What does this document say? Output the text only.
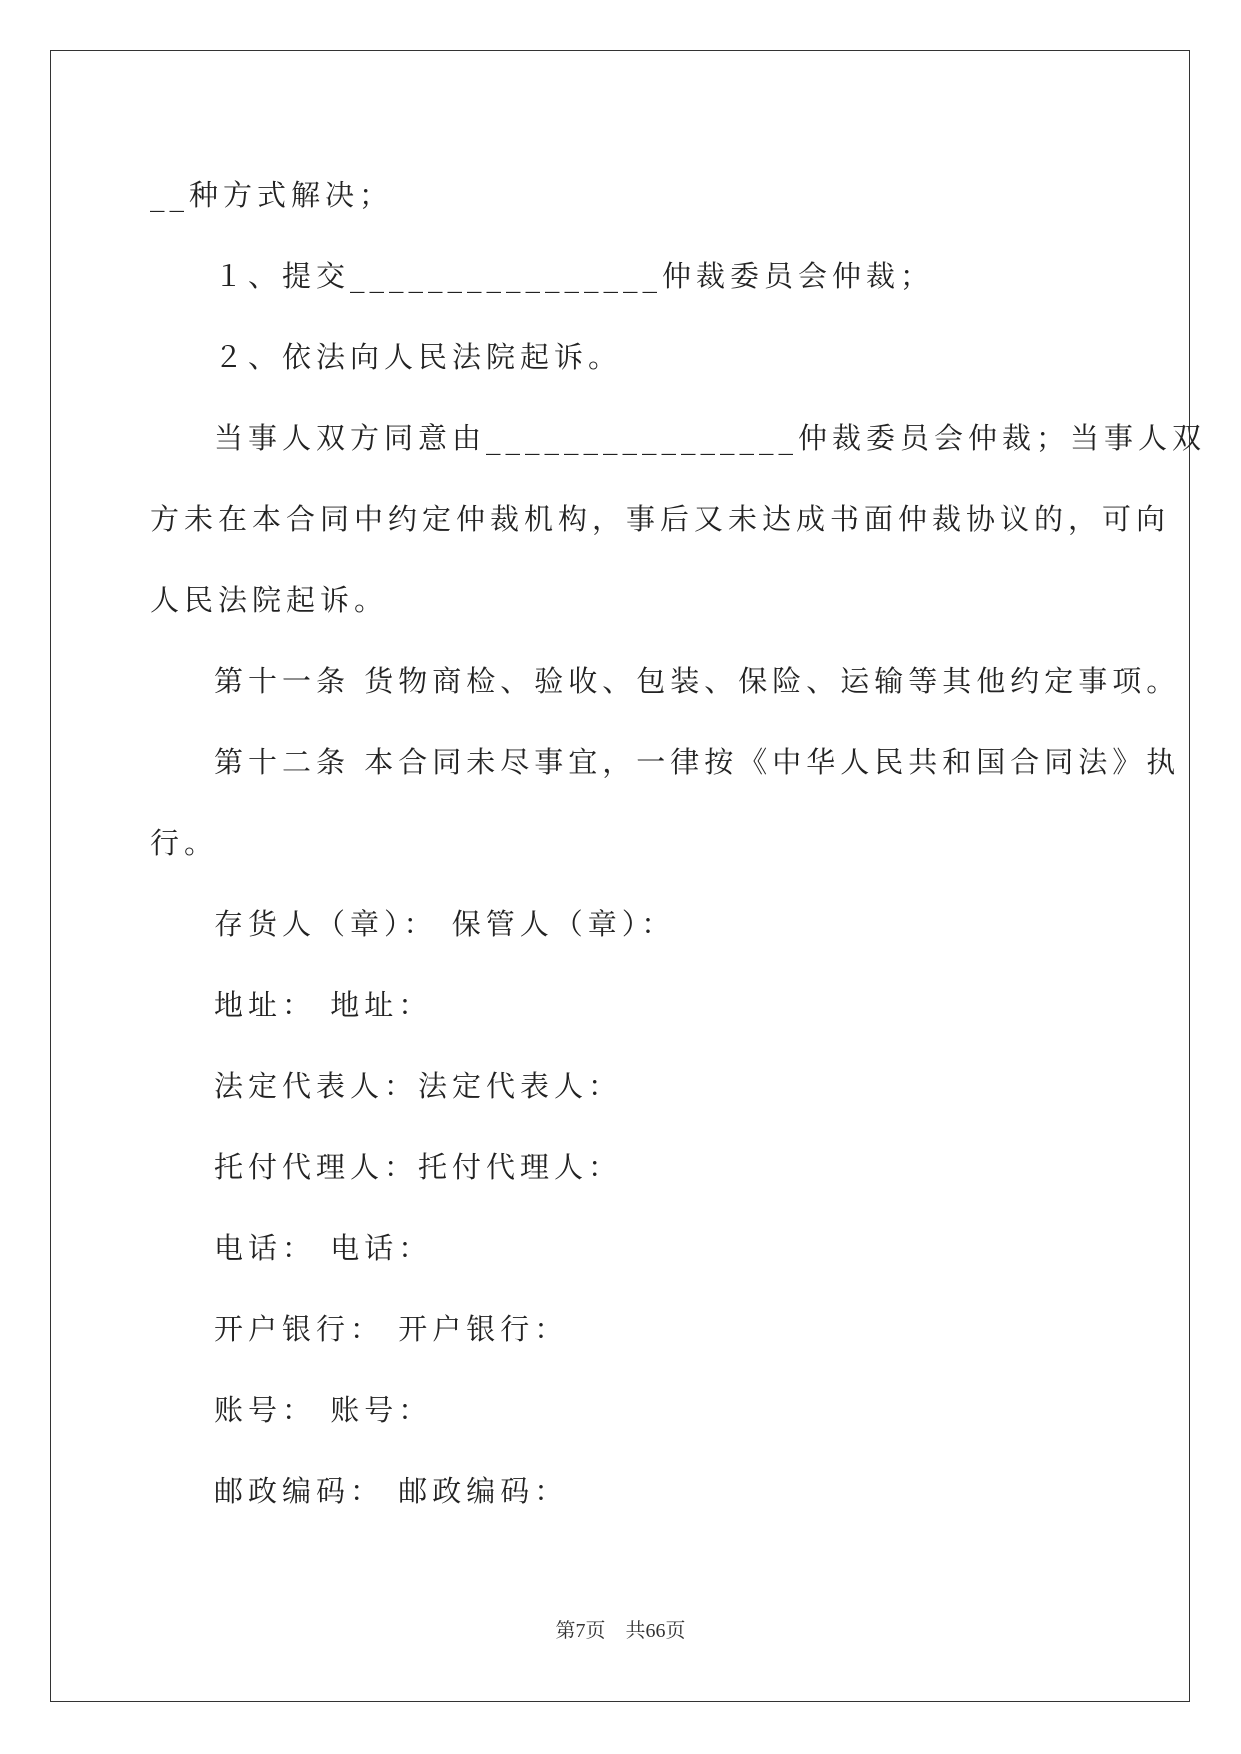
__种方式解决；
１、提交________________仲裁委员会仲裁；
２、依法向人民法院起诉。
当事人双方同意由________________仲裁委员会仲裁；当事人双
方未在本合同中约定仲裁机构，事后又未达成书面仲裁协议的，可向
人民法院起诉。
第十一条 货物商检、验收、包装、保险、运输等其他约定事项。
第十二条 本合同未尽事宜，一律按《中华人民共和国合同法》执
行。
存货人（章）： 保管人（章）：
地址： 地址：
法定代表人：法定代表人：
托付代理人：托付代理人：
电话： 电话：
开户银行： 开户银行：
账号： 账号：
邮政编码： 邮政编码：
第7页　共66页
